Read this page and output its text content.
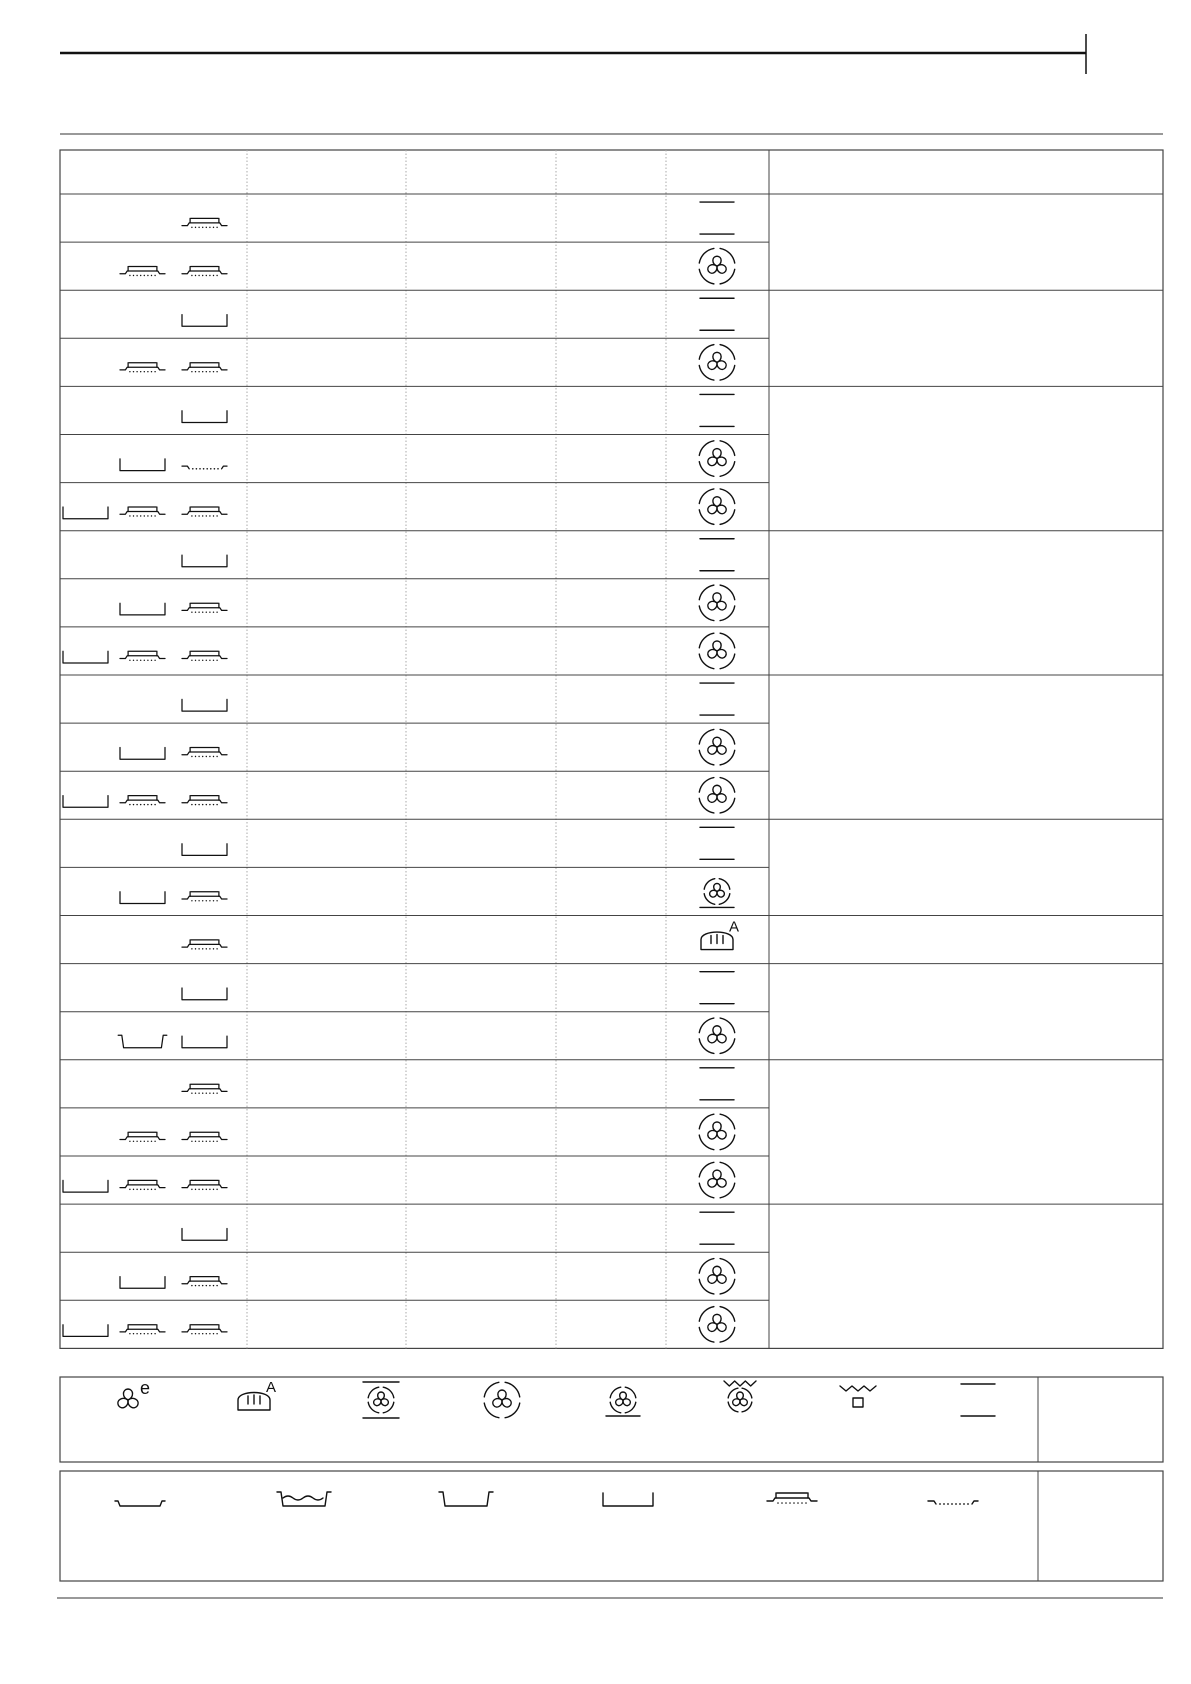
A
e	A
